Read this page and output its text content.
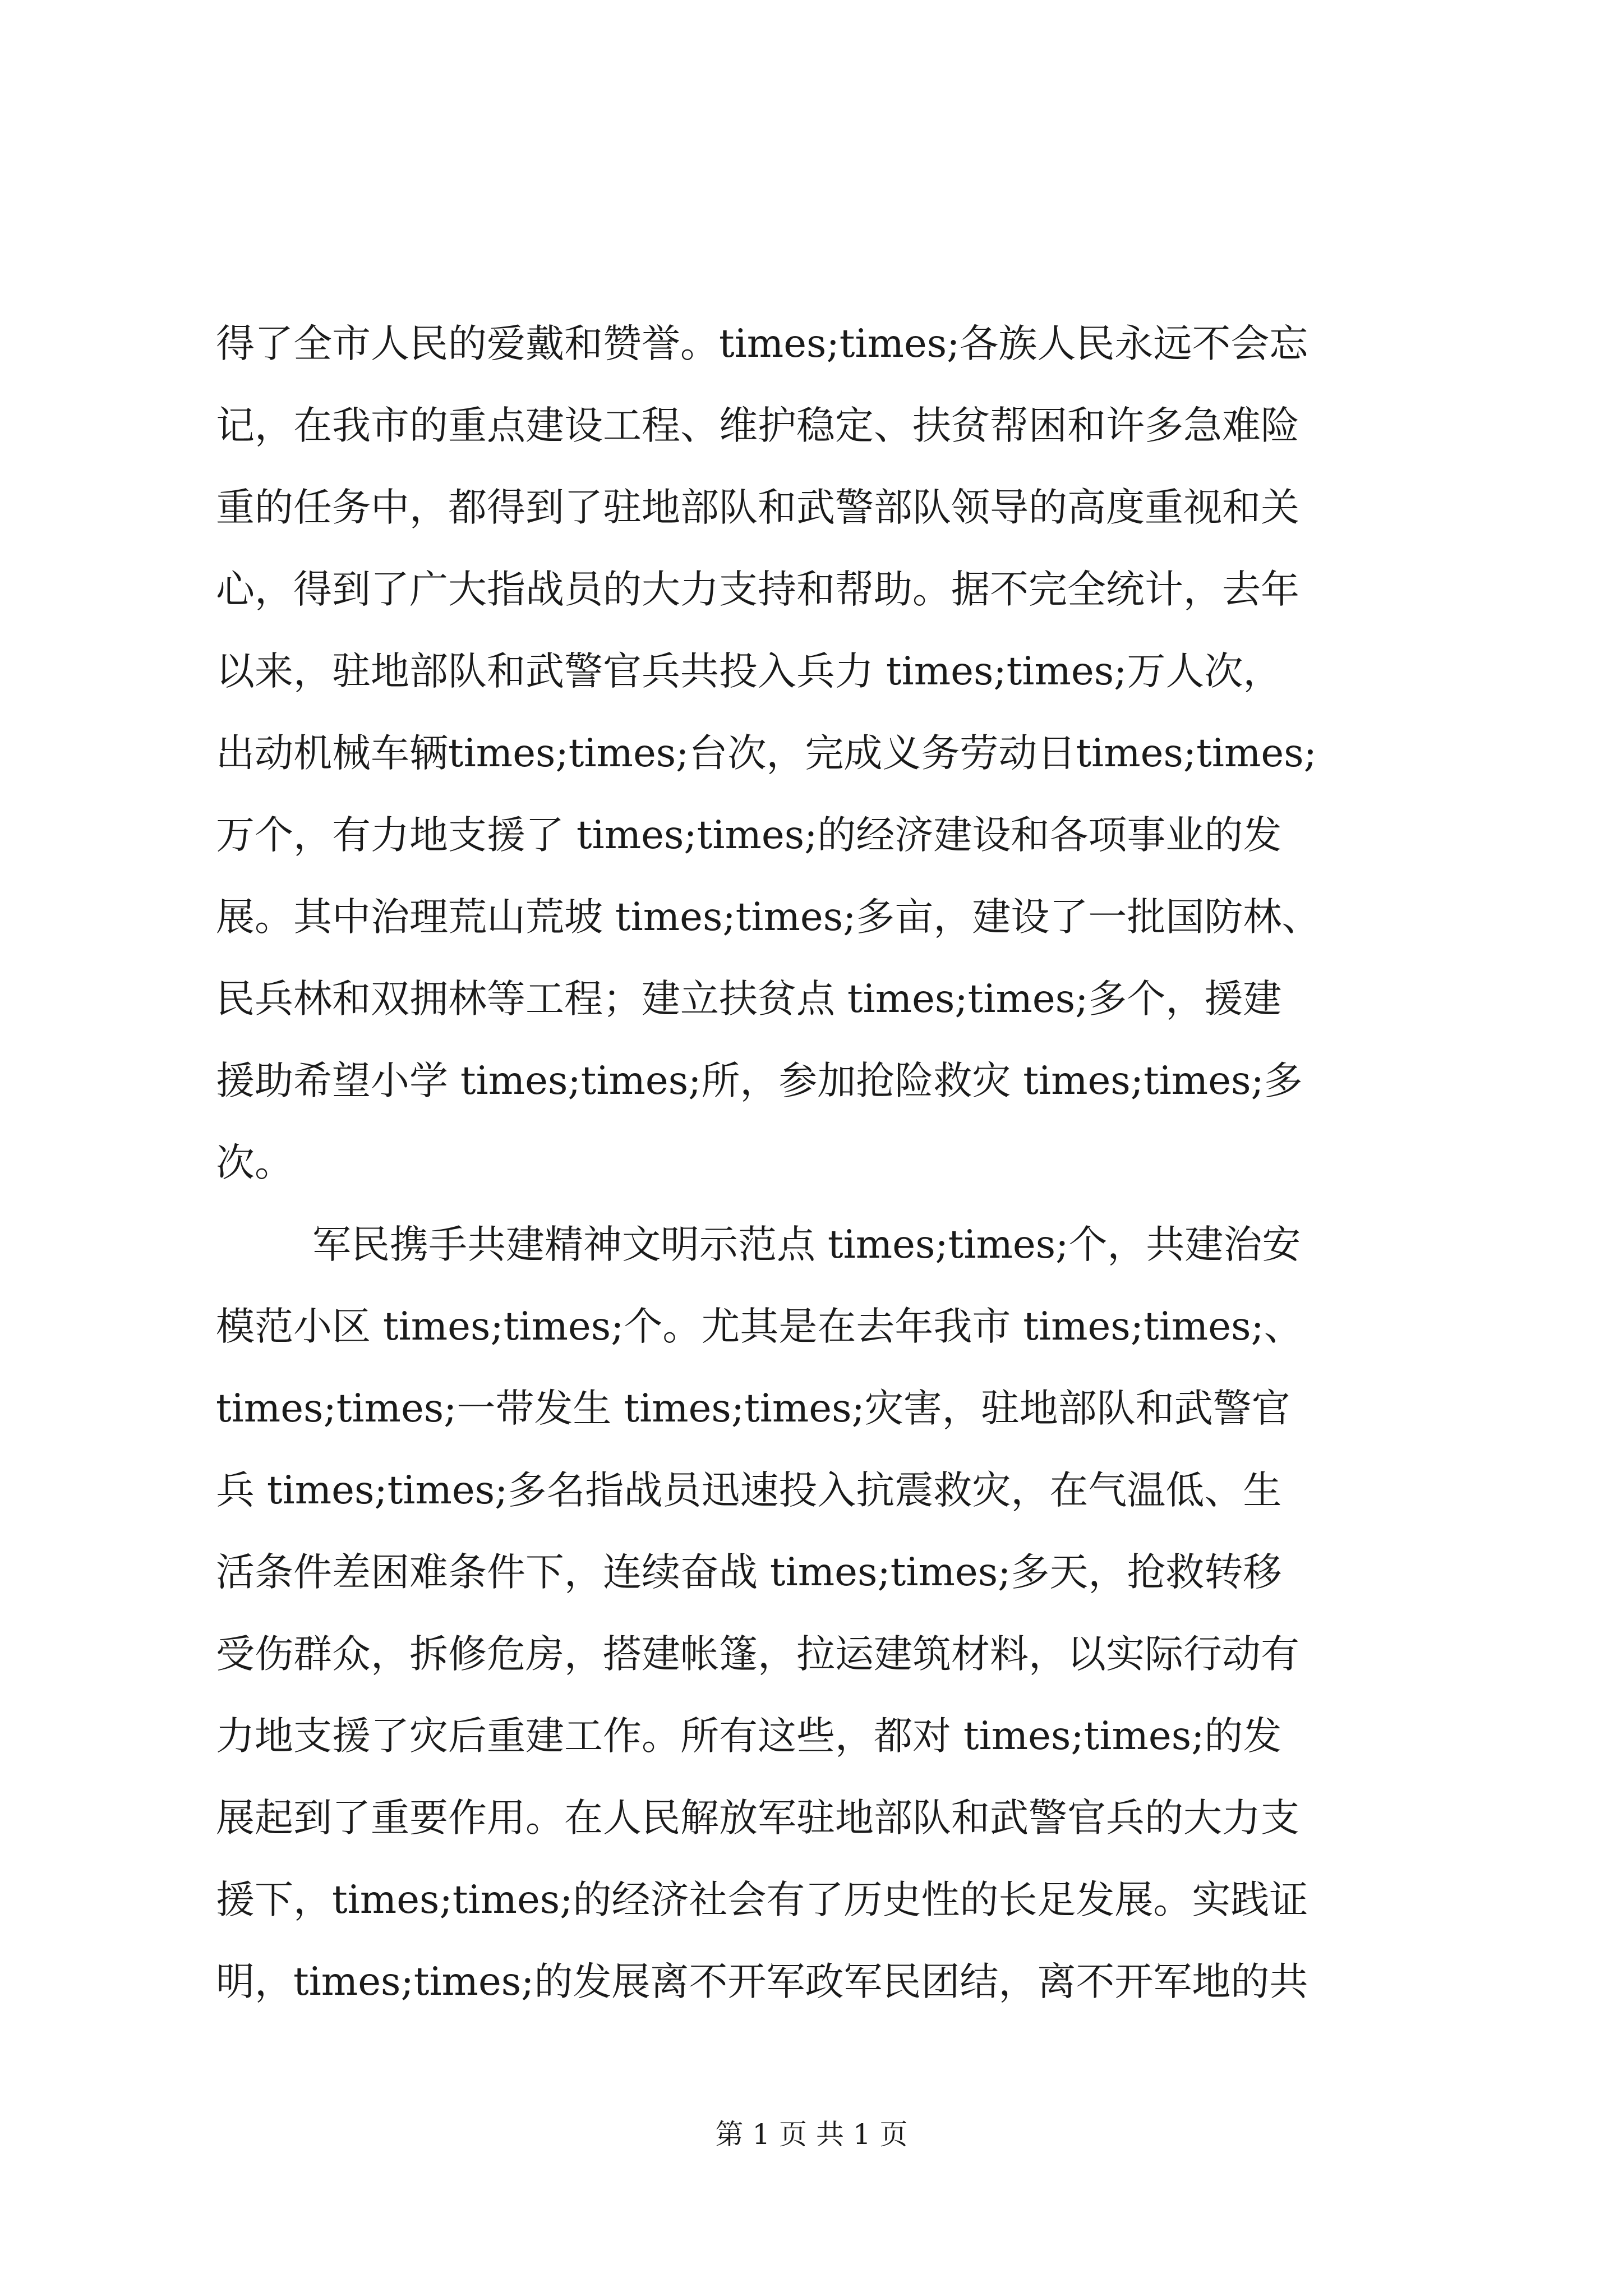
得了全市人民的爱戴和赞誉。times;times;各族人民永远不会忘
记，在我市的重点建设工程、维护稳定、扶贫帮困和许多急难险
重的任务中，都得到了驻地部队和武警部队领导的高度重视和关
心，得到了广大指战员的大力支持和帮助。据不完全统计，去年
以来，驻地部队和武警官兵共投入兵力 times;times;万人次，
出动机械车辆times;times;台次，完成义务劳动日times;times;
万个，有力地支援了 times;times;的经济建设和各项事业的发
展。其中治理荒山荒坡 times;times;多亩，建设了一批国防林、
民兵林和双拥林等工程；建立扶贫点 times;times;多个，援建
援助希望小学 times;times;所，参加抢险救灾 times;times;多
次。
军民携手共建精神文明示范点 times;times;个，共建治安
模范小区 times;times;个。尤其是在去年我市 times;times;、
times;times;一带发生 times;times;灾害，驻地部队和武警官
兵 times;times;多名指战员迅速投入抗震救灾，在气温低、生
活条件差困难条件下，连续奋战 times;times;多天，抢救转移
受伤群众，拆修危房，搭建帐篷，拉运建筑材料，以实际行动有
力地支援了灾后重建工作。所有这些，都对 times;times;的发
展起到了重要作用。在人民解放军驻地部队和武警官兵的大力支
援下，times;times;的经济社会有了历史性的长足发展。实践证
明，times;times;的发展离不开军政军民团结，离不开军地的共
第 1 页 共 1 页
